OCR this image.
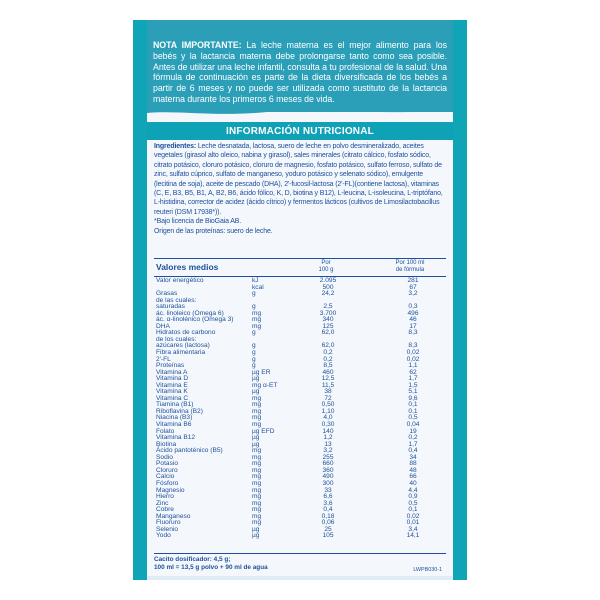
NOTA IMPORTANTE: La leche materna es el mejor alimento para los bebés y la lactancia materna debe prolongarse tanto como sea posible. Antes de utilizar una leche infantil, consulta a tu profesional de la salud. Una fórmula de continuación es parte de la dieta diversificada de los bebés a partir de 6 meses y no puede ser utilizada como sustituto de la lactancia materna durante los primeros 6 meses de vida.
INFORMACIÓN NUTRICIONAL
Ingredientes: Leche desnatada, lactosa, suero de leche en polvo desmineralizado, aceites vegetales (girasol alto oleico, nabina y girasol), sales minerales (citrato cálcico, fosfato sódico, citrato potásico, cloruro potásico, cloruro de magnesio, fosfato potásico, sulfato ferroso, sulfato de zinc, sulfato cúprico, sulfato de manganeso, yoduro potásico y selenato sódico), emulgente (lecitina de soja), aceite de pescado (DHA), 2'-fucosil-lactosa (2'-FL)(contiene lactosa), vitaminas (C, E, B3, B5, B1, A, B2, B6, ácido fólico, K, D, biotina y B12), L-leucina, L-isoleucina, L-triptófano, L-histidina, corrector de acidez (ácido cítrico) y fermentos lácticos (cultivos de Limosilactobacillus reuteri (DSM 17938*)).
*Bajo licencia de BioGaia AB.
Origen de las proteínas: suero de leche.
Valores medios	Por
100 g
Por 100 ml
de fórmula
Valor energético	kJ	2.095	281
kcal	500	67
Grasas	g	24,2	3,2
de las cuales:
saturadas	g	2,5	0,3
ác. linoleico (Omega 6)	mg	3.700	496
ác. α-linolénico (Omega 3)	mg	340	46
DHA	mg	125	17
Hidratos de carbono	g	62,0	8,3
de los cuales:
azúcares (lactosa)	g	62,0	8,3
Fibra alimentaria	g	0,2	0,02
2'-FL	g	0,2	0,02
Proteínas	g	8,5	1,1
Vitamina A	µg ER	460	62
Vitamina D	µg	12,5	1,7
Vitamina E	mg α-ET	11,5	1,5
Vitamina K	µg	38	5,1
Vitamina C	mg	72	9,6
Tiamina (B1)	mg	0,50	0,1
Riboflavina (B2)	mg	1,10	0,1
Niacina (B3)	mg	4,0	0,5
Vitamina B6	mg	0,30	0,04
Folato	µg EFD	140	19
Vitamina B12	µg	1,2	0,2
Biotina	µg	13	1,7
Ácido pantoténico (B5)	mg	3,2	0,4
Sodio	mg	255	34
Potasio	mg	660	88
Cloruro	mg	360	48
Calcio	mg	490	66
Fósforo	mg	300	40
Magnesio	mg	33	4,4
Hierro	mg	6,6	0,9
Zinc	mg	3,6	0,5
Cobre	mg	0,4	0,1
Manganeso	mg	0,18	0,02
Fluoruro	mg	0,06	0,01
Selenio	µg	25	3,4
Yodo	µg	105	14,1
Cacito dosificador: 4,5 g;
100 ml = 13,5 g polvo + 90 ml de agua	LWPB030-1
